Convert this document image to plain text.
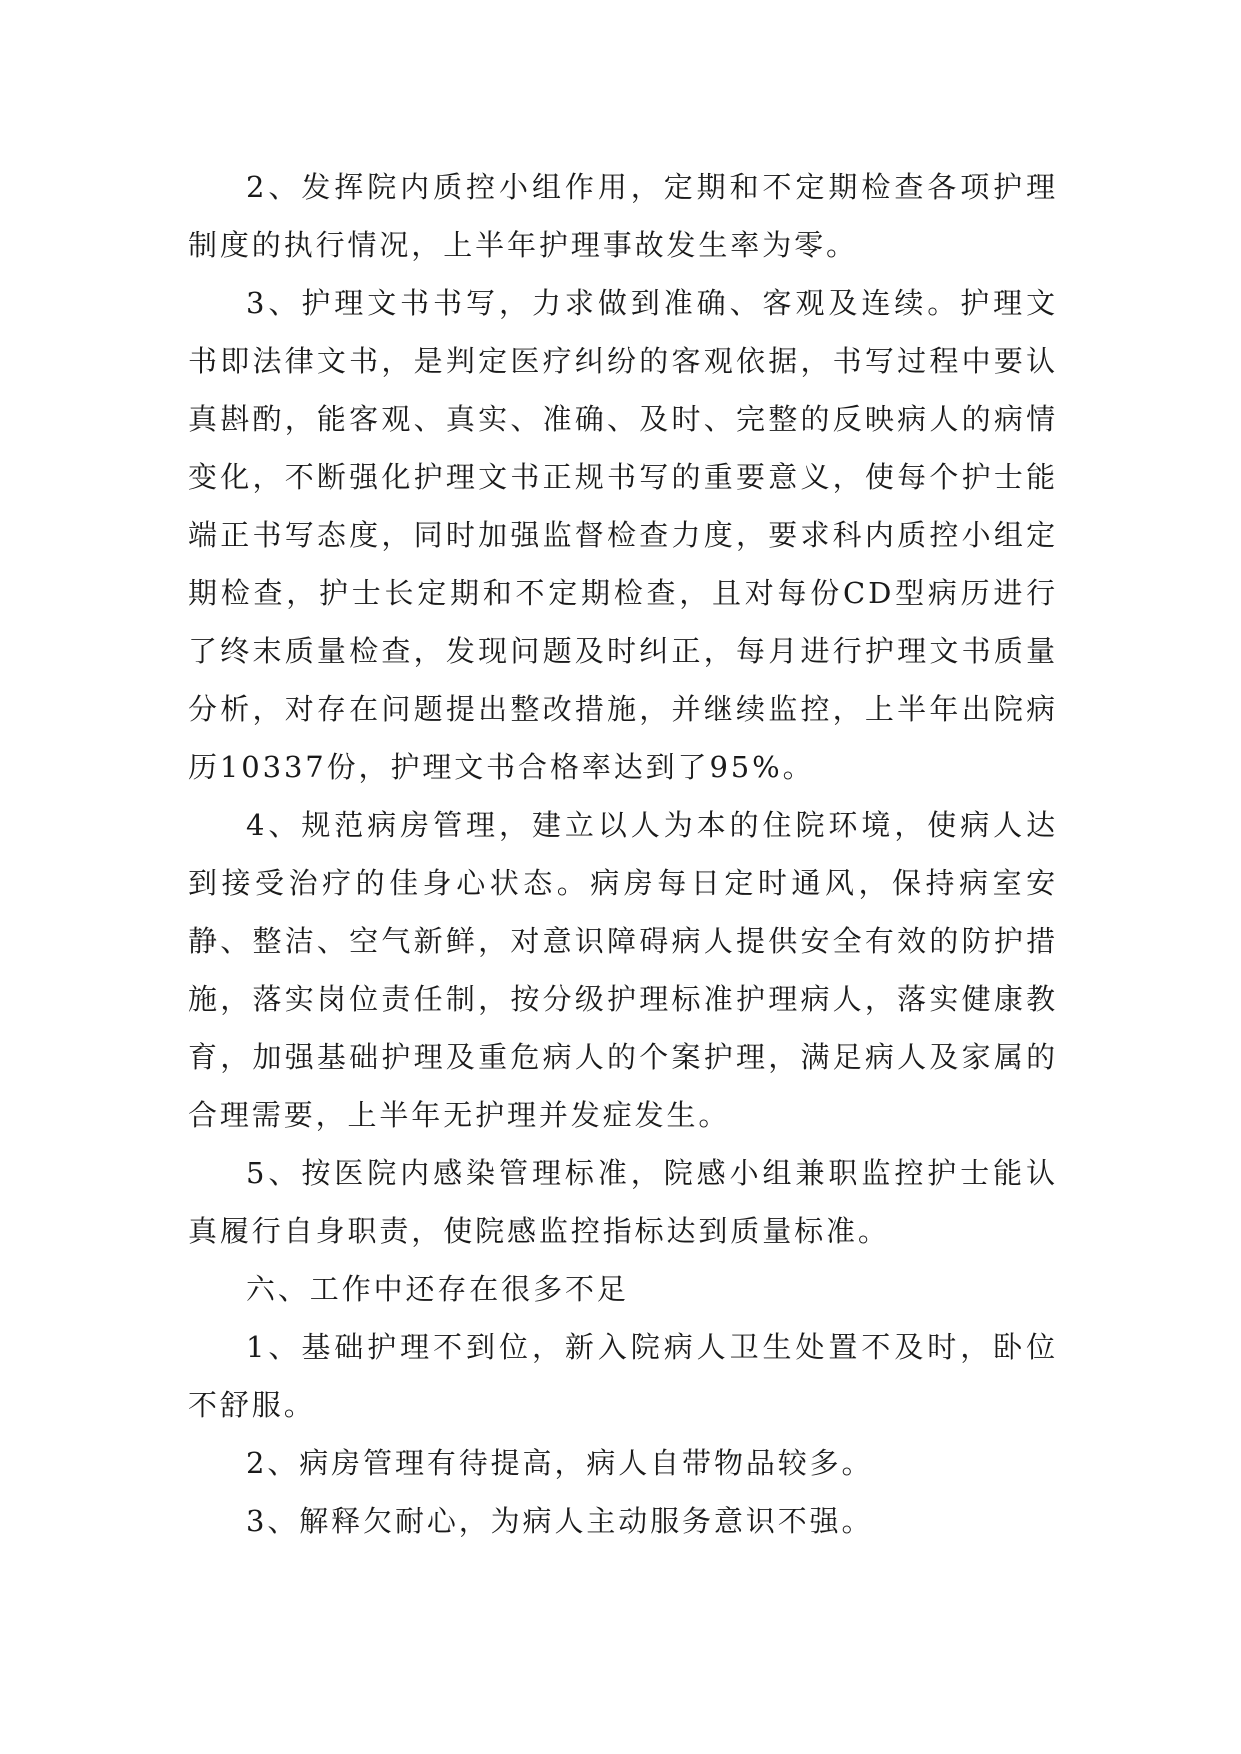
2、发挥院内质控小组作用，定期和不定期检查各项护理制度的执行情况，上半年护理事故发生率为零。

3、护理文书书写，力求做到准确、客观及连续。护理文书即法律文书，是判定医疗纠纷的客观依据，书写过程中要认真斟酌，能客观、真实、准确、及时、完整的反映病人的病情变化，不断强化护理文书正规书写的重要意义，使每个护士能端正书写态度，同时加强监督检查力度，要求科内质控小组定期检查，护士长定期和不定期检查，且对每份CD型病历进行了终末质量检查，发现问题及时纠正，每月进行护理文书质量分析，对存在问题提出整改措施，并继续监控，上半年出院病历10337份，护理文书合格率达到了95%。

4、规范病房管理，建立以人为本的住院环境，使病人达到接受治疗的佳身心状态。病房每日定时通风，保持病室安静、整洁、空气新鲜，对意识障碍病人提供安全有效的防护措施，落实岗位责任制，按分级护理标准护理病人，落实健康教育，加强基础护理及重危病人的个案护理，满足病人及家属的合理需要，上半年无护理并发症发生。

5、按医院内感染管理标准，院感小组兼职监控护士能认真履行自身职责，使院感监控指标达到质量标准。

六、工作中还存在很多不足

1、基础护理不到位，新入院病人卫生处置不及时，卧位不舒服。

2、病房管理有待提高，病人自带物品较多。

3、解释欠耐心，为病人主动服务意识不强。
